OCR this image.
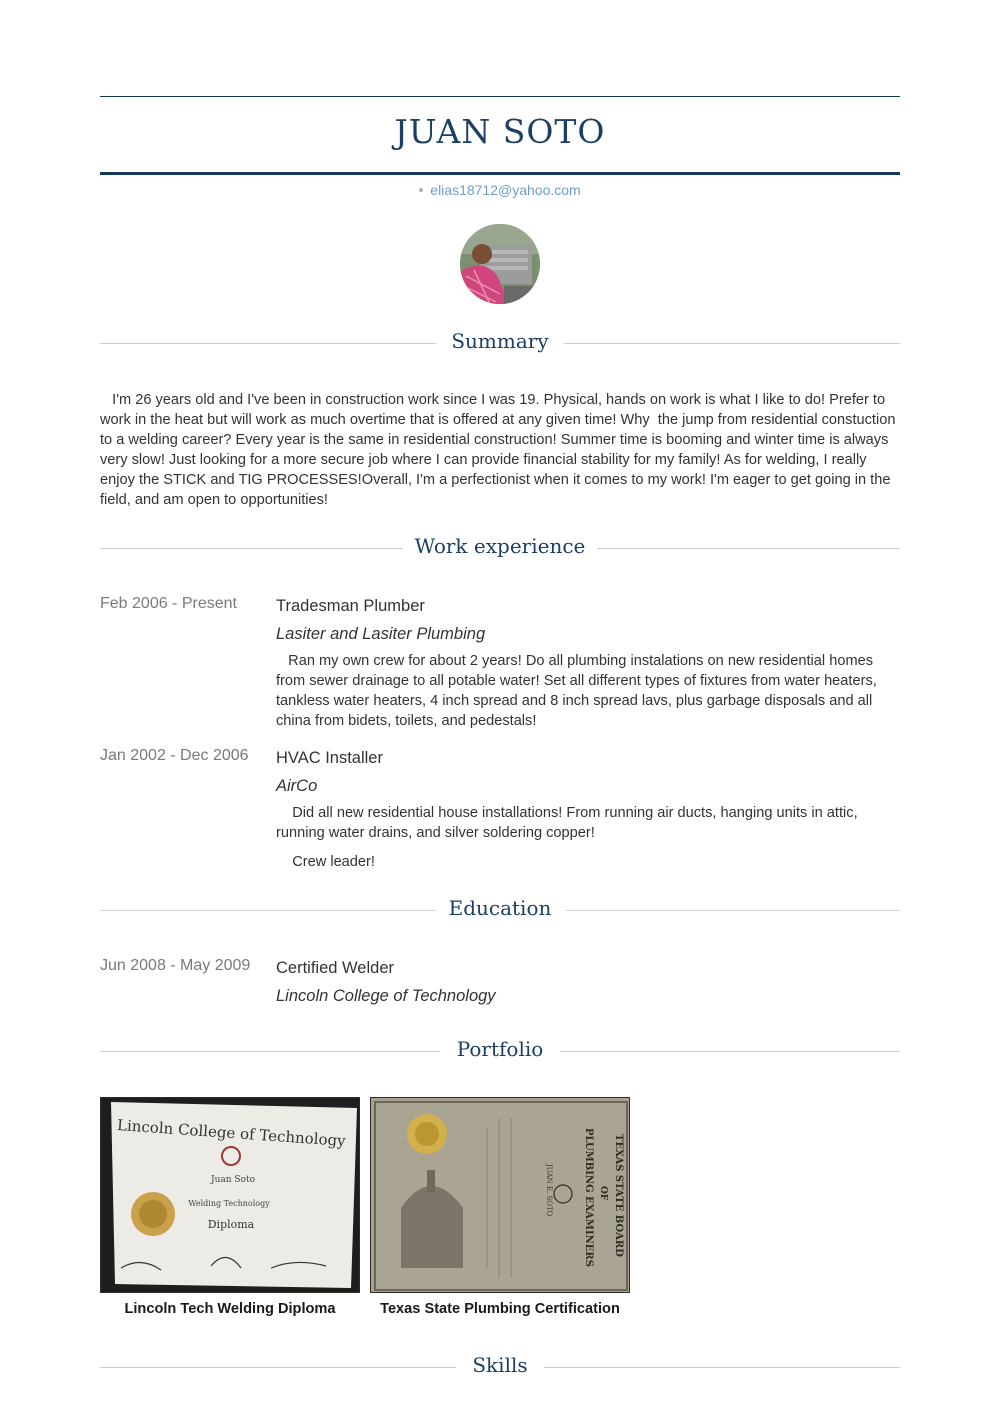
JUAN SOTO
elias18712@yahoo.com
Summary
I'm 26 years old and I've been in construction work since I was 19. Physical, hands on work is what I like to do! Prefer to work in the heat but will work as much overtime that is offered at any given time! Why  the jump from residential constuction to a welding career? Every year is the same in residential construction! Summer time is booming and winter time is always very slow! Just looking for a more secure job where I can provide financial stability for my family! As for welding, I really enjoy the STICK and TIG PROCESSES!Overall, I'm a perfectionist when it comes to my work! I'm eager to get going in the field, and am open to opportunities!
Work experience
Feb 2006 - Present	Tradesman Plumber
Lasiter and Lasiter Plumbing
Ran my own crew for about 2 years! Do all plumbing instalations on new residential homes from sewer drainage to all potable water! Set all different types of fixtures from water heaters, tankless water heaters, 4 inch spread and 8 inch spread lavs, plus garbage disposals and all china from bidets, toilets, and pedestals!
Jan 2002 - Dec 2006	HVAC Installer
AirCo
Did all new residential house installations! From running air ducts, hanging units in attic, running water drains, and silver soldering copper!
Crew leader!
Education
Jun 2008 - May 2009	Certified Welder
Lincoln College of Technology
Portfolio
Lincoln College of Technology
Juan Soto
Welding Technology
Diploma
Lincoln Tech Welding Diploma
TEXAS STATE BOARD
OF
PLUMBING EXAMINERS
JUAN E. SOTO
Texas State Plumbing Certification
Skills
